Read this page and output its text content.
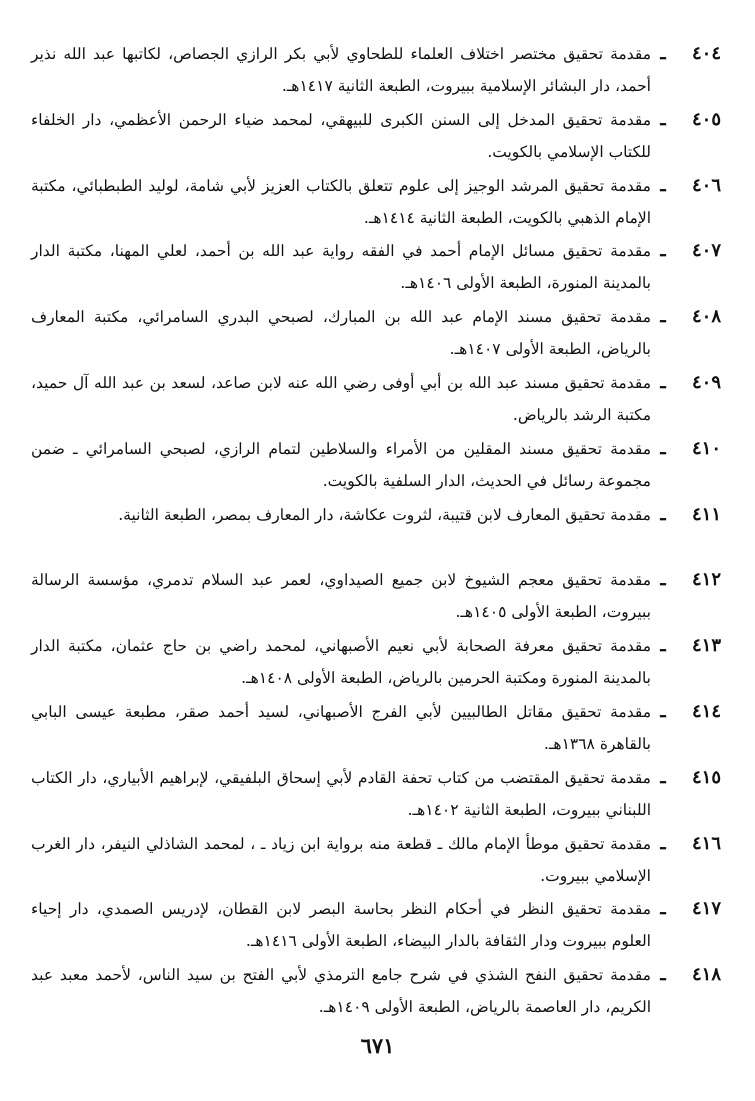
٤٠٤
ـ
مقدمة تحقيق مختصر اختلاف العلماء للطحاوي لأبي بكر الرازي الجصاص، لكاتبها عبد الله نذير أحمد، دار البشائر الإسلامية ببيروت، الطبعة الثانية ١٤١٧هـ.
٤٠٥
ـ
مقدمة تحقيق المدخل إلى السنن الكبرى للبيهقي، لمحمد ضياء الرحمن الأعظمي، دار الخلفاء للكتاب الإسلامي بالكويت.
٤٠٦
ـ
مقدمة تحقيق المرشد الوجيز إلى علوم تتعلق بالكتاب العزيز لأبي شامة، لوليد الطبطبائي، مكتبة الإمام الذهبي بالكويت، الطبعة الثانية ١٤١٤هـ.
٤٠٧
ـ
مقدمة تحقيق مسائل الإمام أحمد في الفقه رواية عبد الله بن أحمد، لعلي المهنا، مكتبة الدار بالمدينة المنورة، الطبعة الأولى ١٤٠٦هـ.
٤٠٨
ـ
مقدمة تحقيق مسند الإمام عبد الله بن المبارك، لصبحي البدري السامرائي، مكتبة المعارف بالرياض، الطبعة الأولى ١٤٠٧هـ.
٤٠٩
ـ
مقدمة تحقيق مسند عبد الله بن أبي أوفى رضي الله عنه لابن صاعد، لسعد بن عبد الله آل حميد، مكتبة الرشد بالرياض.
٤١٠
ـ
مقدمة تحقيق مسند المقلين من الأمراء والسلاطين لتمام الرازي، لصبحي السامرائي ـ ضمن مجموعة رسائل في الحديث، الدار السلفية بالكويت.
٤١١
ـ
مقدمة تحقيق المعارف لابن قتيبة، لثروت عكاشة، دار المعارف بمصر، الطبعة الثانية.
٤١٢
ـ
مقدمة تحقيق معجم الشيوخ لابن جميع الصيداوي، لعمر عبد السلام تدمري، مؤسسة الرسالة ببيروت، الطبعة الأولى ١٤٠٥هـ.
٤١٣
ـ
مقدمة تحقيق معرفة الصحابة لأبي نعيم الأصبهاني، لمحمد راضي بن حاج عثمان، مكتبة الدار بالمدينة المنورة ومكتبة الحرمين بالرياض، الطبعة الأولى ١٤٠٨هـ.
٤١٤
ـ
مقدمة تحقيق مقاتل الطالبيين لأبي الفرج الأصبهاني، لسيد أحمد صقر، مطبعة عيسى البابي بالقاهرة ١٣٦٨هـ.
٤١٥
ـ
مقدمة تحقيق المقتضب من كتاب تحفة القادم لأبي إسحاق البلفيقي، لإبراهيم الأبياري، دار الكتاب اللبناني ببيروت، الطبعة الثانية ١٤٠٢هـ.
٤١٦
ـ
مقدمة تحقيق موطأ الإمام مالك ـ قطعة منه برواية ابن زياد ـ ، لمحمد الشاذلي النيفر، دار الغرب الإسلامي ببيروت.
٤١٧
ـ
مقدمة تحقيق النظر في أحكام النظر بحاسة البصر لابن القطان، لإدريس الصمدي، دار إحياء العلوم ببيروت ودار الثقافة بالدار البيضاء، الطبعة الأولى ١٤١٦هـ.
٤١٨
ـ
مقدمة تحقيق النفح الشذي في شرح جامع الترمذي لأبي الفتح بن سيد الناس، لأحمد معبد عبد الكريم، دار العاصمة بالرياض، الطبعة الأولى ١٤٠٩هـ.
٦٧١
